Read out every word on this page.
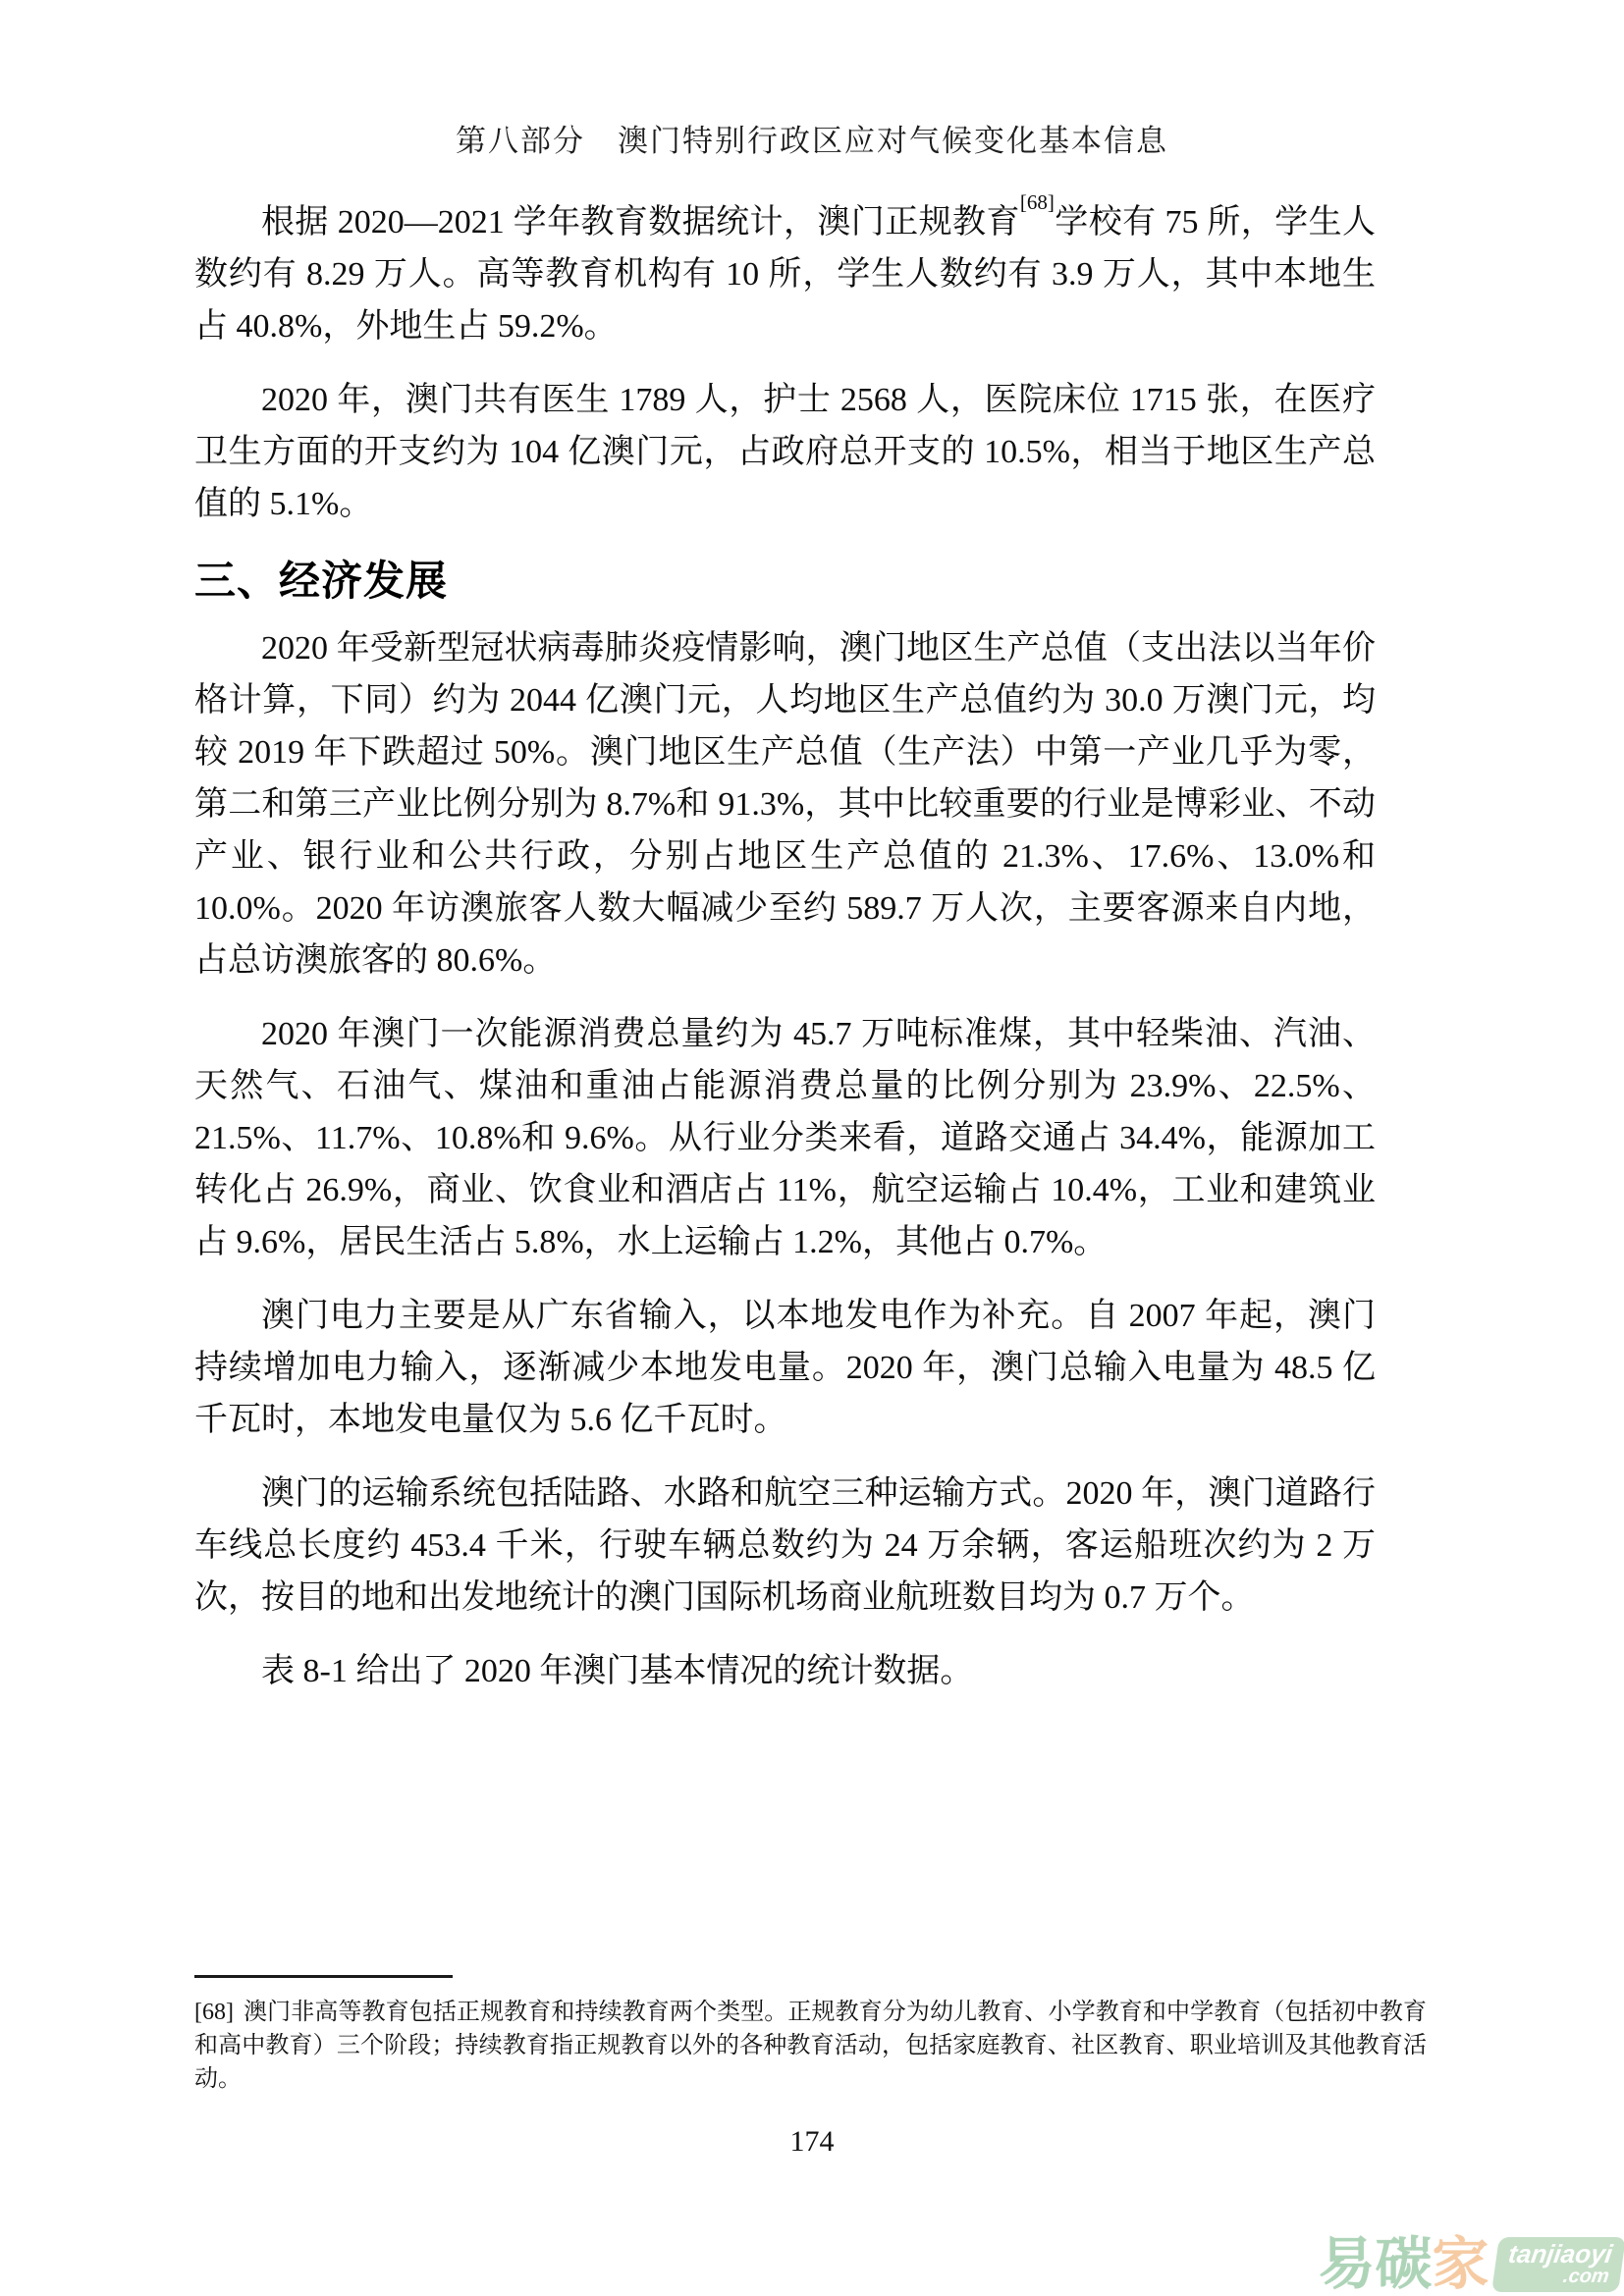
第八部分　澳门特别行政区应对气候变化基本信息

根据 2020—2021 学年教育数据统计，澳门正规教育[68]学校有 75 所，学生人数约有 8.29 万人。高等教育机构有 10 所，学生人数约有 3.9 万人，其中本地生占 40.8%，外地生占 59.2%。

2020 年，澳门共有医生 1789 人，护士 2568 人，医院床位 1715 张，在医疗卫生方面的开支约为 104 亿澳门元，占政府总开支的 10.5%，相当于地区生产总值的 5.1%。

三、经济发展

2020 年受新型冠状病毒肺炎疫情影响，澳门地区生产总值（支出法以当年价格计算，下同）约为 2044 亿澳门元，人均地区生产总值约为 30.0 万澳门元，均较 2019 年下跌超过 50%。澳门地区生产总值（生产法）中第一产业几乎为零，第二和第三产业比例分别为 8.7%和 91.3%，其中比较重要的行业是博彩业、不动产业、银行业和公共行政，分别占地区生产总值的 21.3%、17.6%、13.0%和 10.0%。2020 年访澳旅客人数大幅减少至约 589.7 万人次，主要客源来自内地，占总访澳旅客的 80.6%。

2020 年澳门一次能源消费总量约为 45.7 万吨标准煤，其中轻柴油、汽油、天然气、石油气、煤油和重油占能源消费总量的比例分别为 23.9%、22.5%、21.5%、11.7%、10.8%和 9.6%。从行业分类来看，道路交通占 34.4%，能源加工转化占 26.9%，商业、饮食业和酒店占 11%，航空运输占 10.4%，工业和建筑业占 9.6%，居民生活占 5.8%，水上运输占 1.2%，其他占 0.7%。

澳门电力主要是从广东省输入，以本地发电作为补充。自 2007 年起，澳门持续增加电力输入，逐渐减少本地发电量。2020 年，澳门总输入电量为 48.5 亿千瓦时，本地发电量仅为 5.6 亿千瓦时。

澳门的运输系统包括陆路、水路和航空三种运输方式。2020 年，澳门道路行车线总长度约 453.4 千米，行驶车辆总数约为 24 万余辆，客运船班次约为 2 万次，按目的地和出发地统计的澳门国际机场商业航班数目均为 0.7 万个。

表 8-1 给出了 2020 年澳门基本情况的统计数据。

[68] 澳门非高等教育包括正规教育和持续教育两个类型。正规教育分为幼儿教育、小学教育和中学教育（包括初中教育和高中教育）三个阶段；持续教育指正规教育以外的各种教育活动，包括家庭教育、社区教育、职业培训及其他教育活动。

174
易 碳 家 tanjiaoyi
.com
